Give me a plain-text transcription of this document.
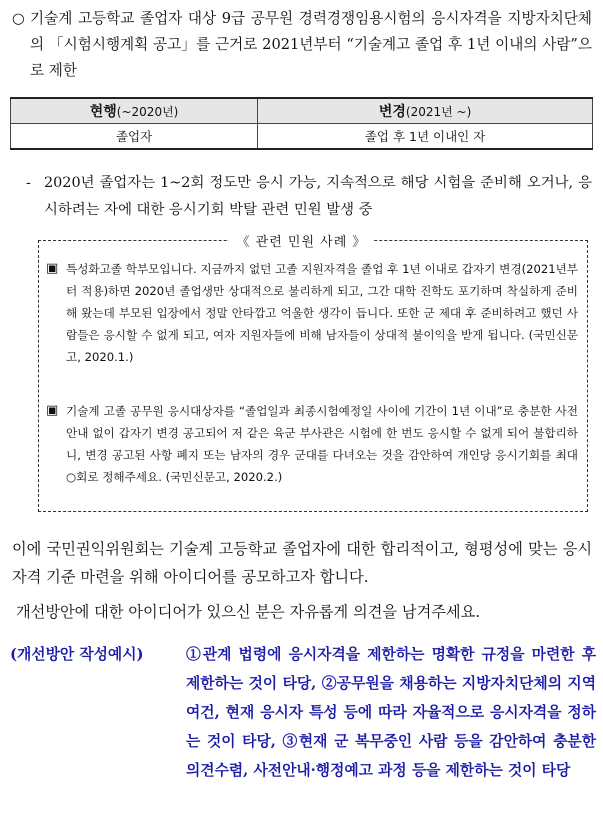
○ 기술계 고등학교 졸업자 대상 9급 공무원 경력경쟁임용시험의 응시자격을 지방자치단체의 「시험시행계획 공고」를 근거로 2021년부터 “기술계고 졸업 후 1년 이내의 사람”으로 제한
현행(~2020년)	변경(2021년 ~)
졸업자	졸업 후 1년 이내인 자
- 2020년 졸업자는 1~2회 정도만 응시 가능, 지속적으로 해당 시험을 준비해 오거나, 응시하려는 자에 대한 응시기회 박탈 관련 민원 발생 중
《 관련 민원 사례 》
▣ 특성화고졸 학부모입니다. 지금까지 없던 고졸 지원자격을 졸업 후 1년 이내로 갑자기 변경(2021년부터 적용)하면 2020년 졸업생만 상대적으로 불리하게 되고, 그간 대학 진학도 포기하며 착실하게 준비해 왔는데 부모된 입장에서 정말 안타깝고 억울한 생각이 듭니다. 또한 군 제대 후 준비하려고 했던 사람들은 응시할 수 없게 되고, 여자 지원자들에 비해 남자들이 상대적 불이익을 받게 됩니다. (국민신문고, 2020.1.)
▣ 기술계 고졸 공무원 응시대상자를 “졸업일과 최종시험예정일 사이에 기간이 1년 이내”로 충분한 사전안내 없이 갑자기 변경 공고되어 저 같은 육군 부사관은 시험에 한 번도 응시할 수 없게 되어 불합리하니, 변경 공고된 사항 폐지 또는 남자의 경우 군대를 다녀오는 것을 감안하여 개인당 응시기회를 최대○회로 정해주세요. (국민신문고, 2020.2.)
이에 국민권익위원회는 기술계 고등학교 졸업자에 대한 합리적이고, 형평성에 맞는 응시자격 기준 마련을 위해 아이디어를 공모하고자 합니다.
개선방안에 대한 아이디어가 있으신 분은 자유롭게 의견을 남겨주세요.
(개선방안 작성예시)	①관계 법령에 응시자격을 제한하는 명확한 규정을 마련한 후 제한하는 것이 타당, ②공무원을 채용하는 지방자치단체의 지역여건, 현재 응시자 특성 등에 따라 자율적으로 응시자격을 정하는 것이 타당, ③현재 군 복무중인 사람 등을 감안하여 충분한 의견수렴, 사전안내·행정예고 과정 등을 제한하는 것이 타당
